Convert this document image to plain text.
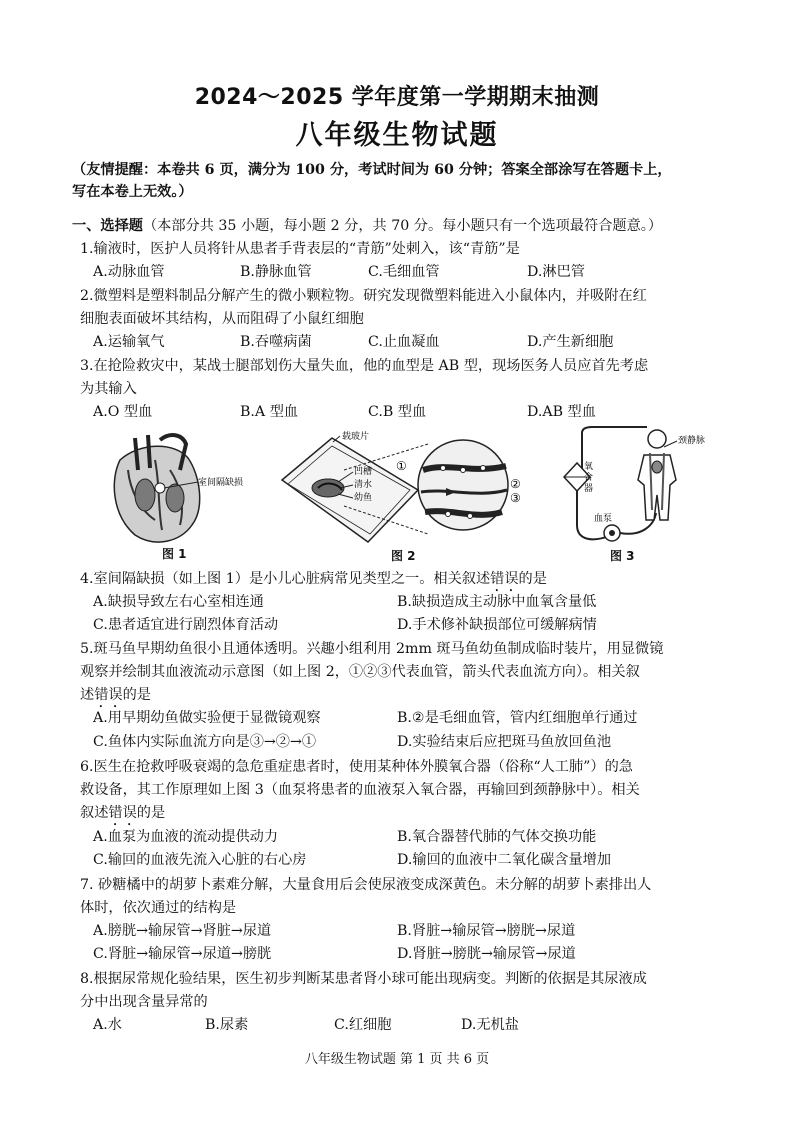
2024～2025 学年度第一学期期末抽测
八年级生物试题
（友情提醒：本卷共 6 页，满分为 100 分，考试时间为 60 分钟；答案全部涂写在答题卡上，
写在本卷上无效。）
一、选择题（本部分共 35 小题，每小题 2 分，共 70 分。每小题只有一个选项最符合题意。）
1.输液时，医护人员将针从患者手背表层的“青筋”处刺入，该“青筋”是
A.动脉血管	B.静脉血管	C.毛细血管	D.淋巴管
2.微塑料是塑料制品分解产生的微小颗粒物。研究发现微塑料能进入小鼠体内，并吸附在红
细胞表面破坏其结构，从而阻碍了小鼠红细胞
A.运输氧气	B.吞噬病菌	C.止血凝血	D.产生新细胞
3.在抢险救灾中，某战士腿部划伤大量失血，他的血型是 AB 型，现场医务人员应首先考虑
为其输入
A.O 型血	B.A 型血	C.B 型血	D.AB 型血
室间隔缺损
图 1
载玻片
凹槽
清水
幼鱼
①
②
③
图 2
颈静脉
氧
合
器
血泵
图 3
4.室间隔缺损（如上图 1）是小儿心脏病常见类型之一。相关叙述错误的是
A.缺损导致左右心室相连通	B.缺损造成主动脉中血氧含量低
C.患者适宜进行剧烈体育活动	D.手术修补缺损部位可缓解病情
5.斑马鱼早期幼鱼很小且通体透明。兴趣小组利用 2mm 斑马鱼幼鱼制成临时装片，用显微镜
观察并绘制其血液流动示意图（如上图 2，①②③代表血管，箭头代表血流方向）。相关叙
述错误的是
A.用早期幼鱼做实验便于显微镜观察	B.②是毛细血管，管内红细胞单行通过
C.鱼体内实际血流方向是③→②→①	D.实验结束后应把斑马鱼放回鱼池
6.医生在抢救呼吸衰竭的急危重症患者时，使用某种体外膜氧合器（俗称“人工肺”）的急
救设备，其工作原理如上图 3（血泵将患者的血液泵入氧合器，再输回到颈静脉中）。相关
叙述错误的是
A.血泵为血液的流动提供动力	B.氧合器替代肺的气体交换功能
C.输回的血液先流入心脏的右心房	D.输回的血液中二氧化碳含量增加
7. 砂糖橘中的胡萝卜素难分解，大量食用后会使尿液变成深黄色。未分解的胡萝卜素排出人
体时，依次通过的结构是
A.膀胱→输尿管→肾脏→尿道	B.肾脏→输尿管→膀胱→尿道
C.肾脏→输尿管→尿道→膀胱	D.肾脏→膀胱→输尿管→尿道
8.根据尿常规化验结果，医生初步判断某患者肾小球可能出现病变。判断的依据是其尿液成
分中出现含量异常的
A.水	B.尿素	C.红细胞	D.无机盐
八年级生物试题 第 1 页 共 6 页
